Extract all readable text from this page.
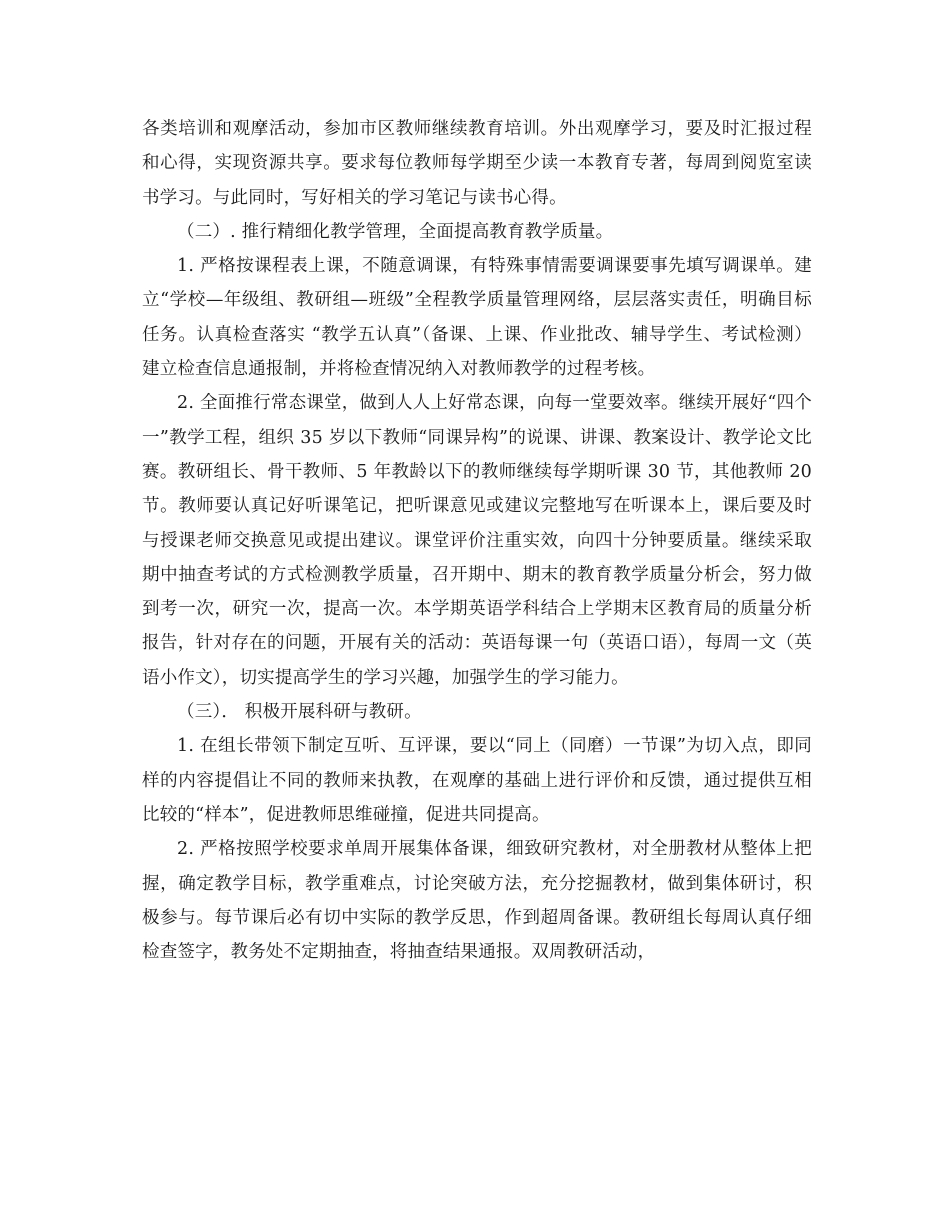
各类培训和观摩活动，参加市区教师继续教育培训。外出观摩学习，要及时汇报过程和心得，实现资源共享。要求每位教师每学期至少读一本教育专著，每周到阅览室读书学习。与此同时，写好相关的学习笔记与读书心得。

（二）. 推行精细化教学管理，全面提高教育教学质量。

1. 严格按课程表上课，不随意调课，有特殊事情需要调课要事先填写调课单。建立“学校—年级组、教研组—班级”全程教学质量管理网络，层层落实责任，明确目标任务。认真检查落实 “教学五认真”（备课、上课、作业批改、辅导学生、考试检测）建立检查信息通报制，并将检查情况纳入对教师教学的过程考核。

2. 全面推行常态课堂，做到人人上好常态课，向每一堂要效率。继续开展好“四个一”教学工程，组织 35 岁以下教师“同课异构”的说课、讲课、教案设计、教学论文比赛。教研组长、骨干教师、5 年教龄以下的教师继续每学期听课 30 节，其他教师 20 节。教师要认真记好听课笔记，把听课意见或建议完整地写在听课本上，课后要及时与授课老师交换意见或提出建议。课堂评价注重实效，向四十分钟要质量。继续采取期中抽查考试的方式检测教学质量，召开期中、期末的教育教学质量分析会，努力做到考一次，研究一次，提高一次。本学期英语学科结合上学期末区教育局的质量分析报告，针对存在的问题，开展有关的活动：英语每课一句（英语口语），每周一文（英语小作文），切实提高学生的学习兴趣，加强学生的学习能力。

（三）． 积极开展科研与教研。

1. 在组长带领下制定互听、互评课，要以“同上（同磨）一节课”为切入点，即同样的内容提倡让不同的教师来执教，在观摩的基础上进行评价和反馈，通过提供互相比较的“样本”，促进教师思维碰撞，促进共同提高。

2. 严格按照学校要求单周开展集体备课，细致研究教材，对全册教材从整体上把握，确定教学目标，教学重难点，讨论突破方法，充分挖掘教材，做到集体研讨，积极参与。每节课后必有切中实际的教学反思，作到超周备课。教研组长每周认真仔细检查签字，教务处不定期抽查，将抽查结果通报。双周教研活动，
